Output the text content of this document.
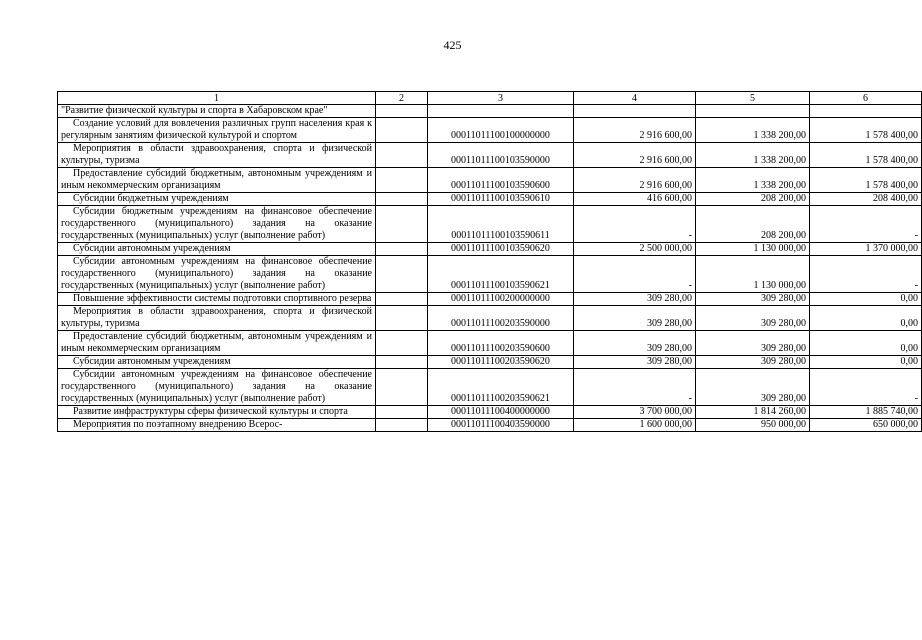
425
1	2	3	4	5	6
"Развитие физической культуры и спорта в Хабаровском крае"					
Создание условий для вовлечения различных групп населения края к регулярным занятиям физической культурой и спортом		00011011100100000000	2 916 600,00	1 338 200,00	1 578 400,00
Мероприятия в области здравоохранения, спорта и физической культуры, туризма		00011011100103590000	2 916 600,00	1 338 200,00	1 578 400,00
Предоставление субсидий бюджетным, автономным учреждениям и иным некоммерческим организациям		00011011100103590600	2 916 600,00	1 338 200,00	1 578 400,00
Субсидии бюджетным учреждениям		00011011100103590610	416 600,00	208 200,00	208 400,00
Субсидии бюджетным учреждениям на финансовое обеспечение государственного (муниципального) задания на оказание государственных (муниципальных) услуг (выполнение работ)		00011011100103590611	-	208 200,00	-
Субсидии автономным учреждениям		00011011100103590620	2 500 000,00	1 130 000,00	1 370 000,00
Субсидии автономным учреждениям на финансовое обеспечение государственного (муниципального) задания на оказание государственных (муниципальных) услуг (выполнение работ)		00011011100103590621	-	1 130 000,00	-
Повышение эффективности системы подготовки спортивного резерва		00011011100200000000	309 280,00	309 280,00	0,00
Мероприятия в области здравоохранения, спорта и физической культуры, туризма		00011011100203590000	309 280,00	309 280,00	0,00
Предоставление субсидий бюджетным, автономным учреждениям и иным некоммерческим организациям		00011011100203590600	309 280,00	309 280,00	0,00
Субсидии автономным учреждениям		00011011100203590620	309 280,00	309 280,00	0,00
Субсидии автономным учреждениям на финансовое обеспечение государственного (муниципального) задания на оказание государственных (муниципальных) услуг (выполнение работ)		00011011100203590621	-	309 280,00	-
Развитие инфраструктуры сферы физической культуры и спорта		00011011100400000000	3 700 000,00	1 814 260,00	1 885 740,00
Мероприятия по поэтапному внедрению Всерос-		00011011100403590000	1 600 000,00	950 000,00	650 000,00
